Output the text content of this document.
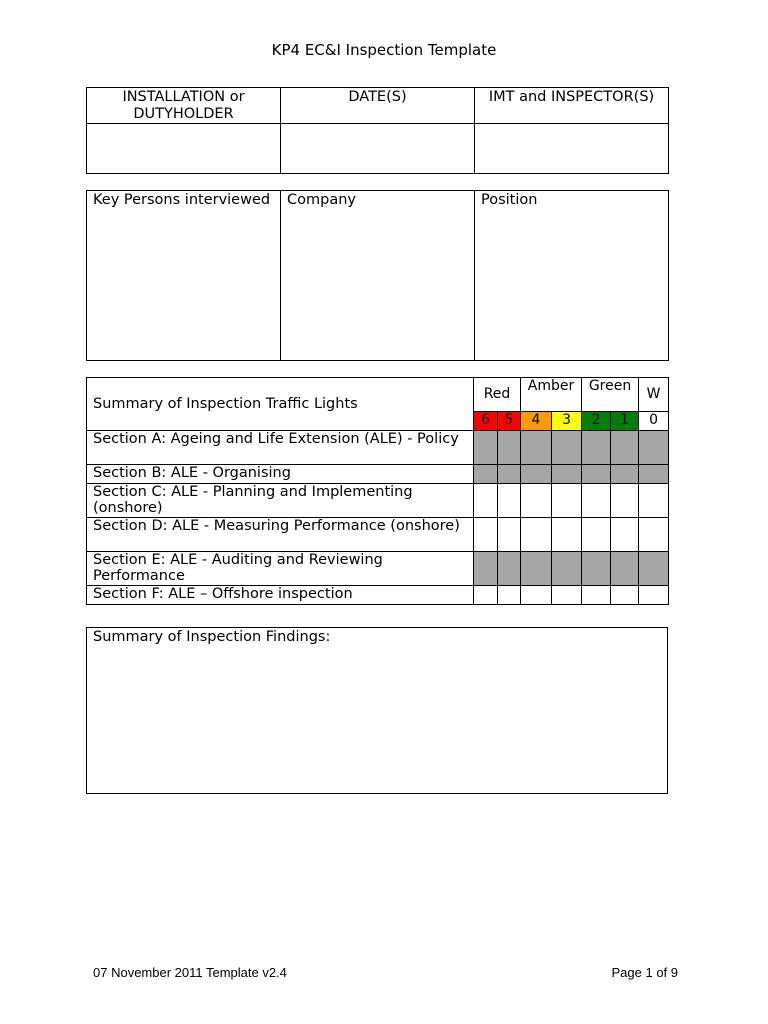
KP4 EC&I Inspection Template
INSTALLATION or DUTYHOLDER	DATE(S)	IMT and INSPECTOR(S)

Key Persons interviewed	Company	Position
Summary of Inspection Traffic Lights	Red		Amber		Green		W
	6	5	4	3	2	1	0
Section A: Ageing and Life Extension (ALE) - Policy							
Section B: ALE - Organising							
Section C: ALE - Planning and Implementing (onshore)							
Section D: ALE - Measuring Performance (onshore)							
Section E: ALE - Auditing and Reviewing Performance							
Section F: ALE – Offshore inspection							
Summary of Inspection Findings:
07 November 2011 Template v2.4	Page 1 of 9
